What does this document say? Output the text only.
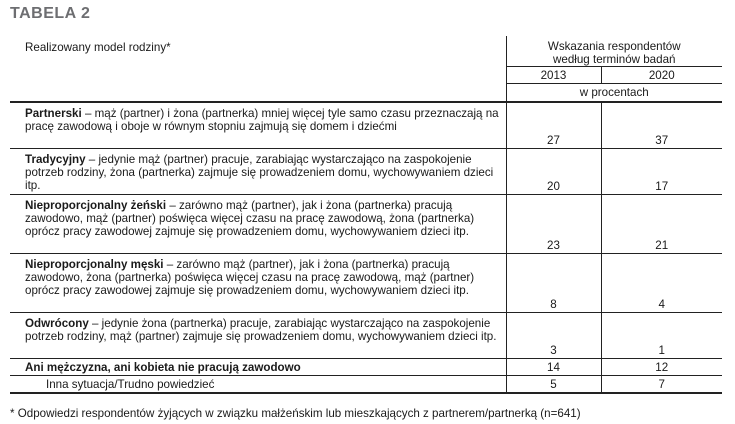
TABELA 2
Realizowany model rodziny*	Wskazania respondentów
według terminów badań	

	2013	2020
	w procentach	
Partnerski – mąż (partner) i żona (partnerka) mniej więcej tyle samo czasu przeznaczają na pracę zawodową i oboje w równym stopniu zajmują się domem i dziećmi	27	37
Tradycyjny – jedynie mąż (partner) pracuje, zarabiając wystarczająco na zaspokojenie potrzeb rodziny, żona (partnerka) zajmuje się prowadzeniem domu, wychowywaniem dzieci itp.	20	17
Nieproporcjonalny żeński – zarówno mąż (partner), jak i żona (partnerka) pracują zawodowo, mąż (partner) poświęca więcej czasu na pracę zawodową, żona (partnerka) oprócz pracy zawodowej zajmuje się prowadzeniem domu, wychowywaniem dzieci itp.	23	21
Nieproporcjonalny męski – zarówno mąż (partner), jak i żona (partnerka) pracują zawodowo, żona (partnerka) poświęca więcej czasu na pracę zawodową, mąż (partner) oprócz pracy zawodowej zajmuje się prowadzeniem domu, wychowywaniem dzieci itp.	8	4
Odwrócony – jedynie żona (partnerka) pracuje, zarabiając wystarczająco na zaspokojenie potrzeb rodziny, mąż (partner) zajmuje się prowadzeniem domu, wychowywaniem dzieci itp.	3	1
Ani mężczyzna, ani kobieta nie pracują zawodowo	14	12
Inna sytuacja/Trudno powiedzieć	5	7
* Odpowiedzi respondentów żyjących w związku małżeńskim lub mieszkających z partnerem/partnerką (n=641)
